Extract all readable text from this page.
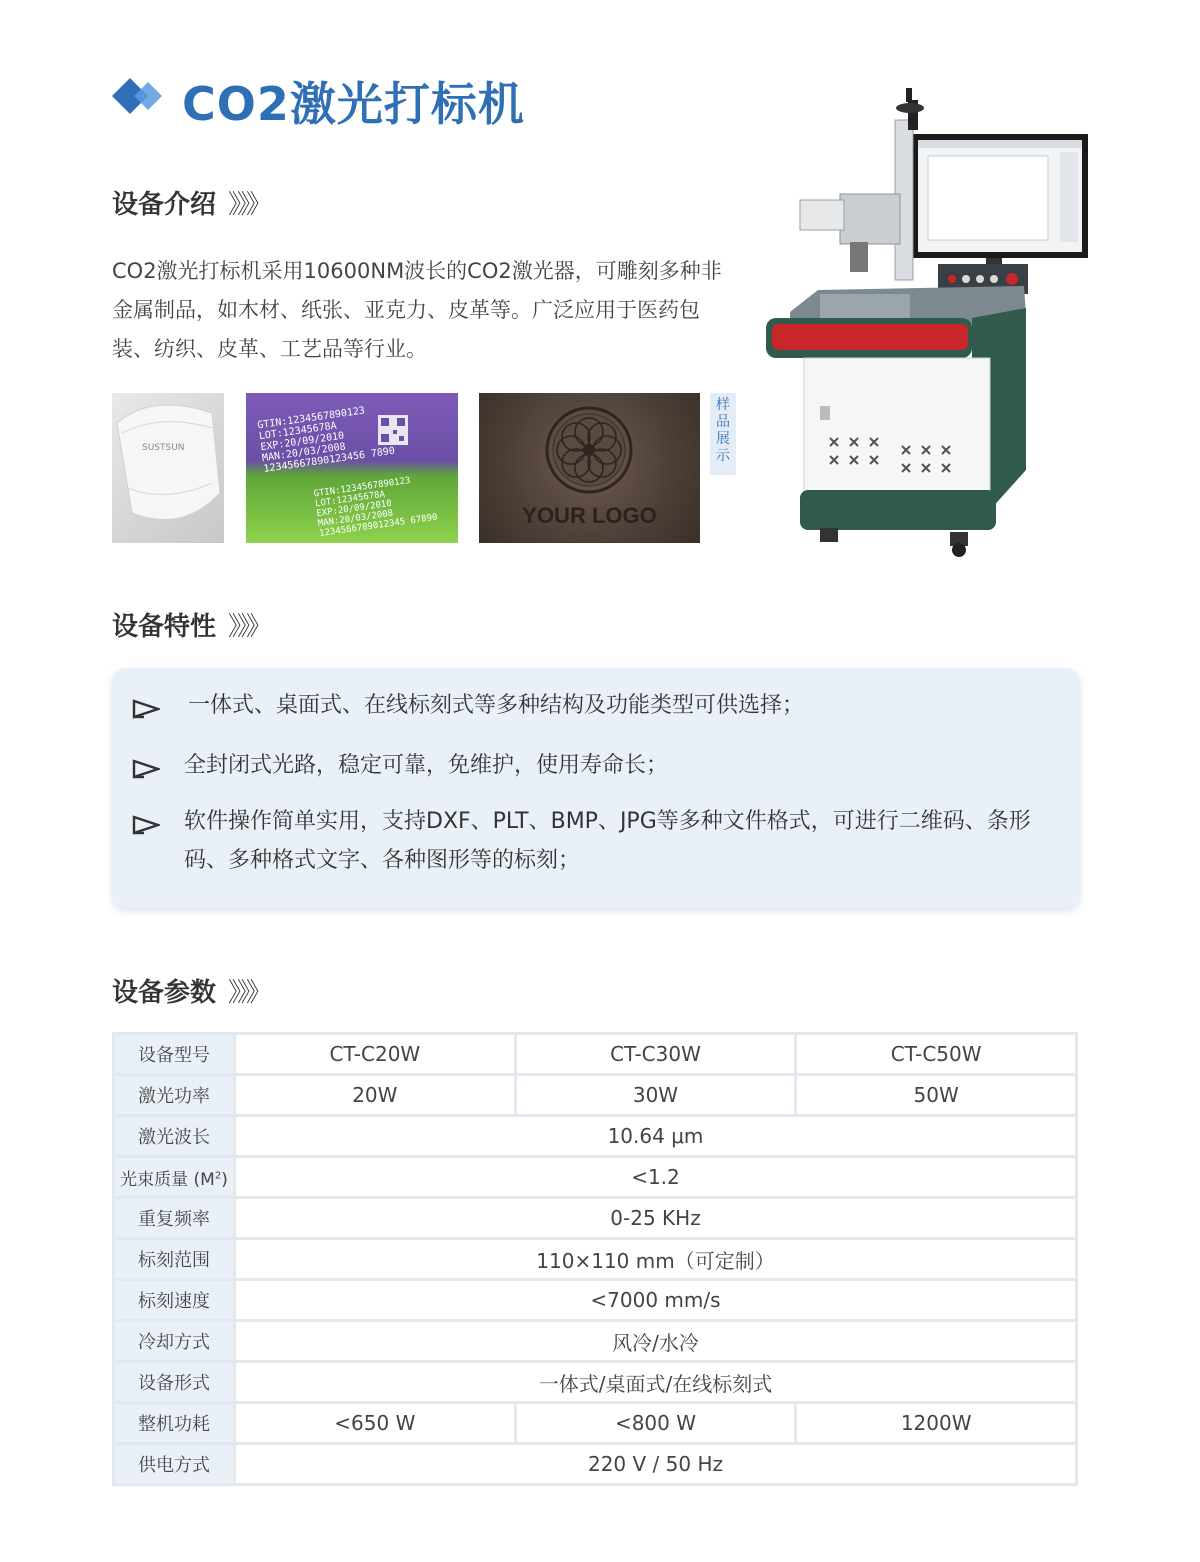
CO2激光打标机
设备介绍 》》》
CO2激光打标机采用10600NM波长的CO2激光器，可雕刻多种非金属制品，如木材、纸张、亚克力、皮革等。广泛应用于医药包装、纺织、皮革、工艺品等行业。
SUSTSUN
GTIN:1234567890123
LOT:12345678A
EXP:20/09/2010
MAN:20/03/2008
12345667890123456 7890
GTIN:1234567890123
LOT:12345678A
EXP:20/09/2010
MAN:20/03/2008
1234566789012345 67890	YOUR LOGO
样品展示
设备特性 》》》
一体式、桌面式、在线标刻式等多种结构及功能类型可供选择；
全封闭式光路，稳定可靠，免维护，使用寿命长；
软件操作简单实用，支持DXF、PLT、BMP、JPG等多种文件格式，可进行二维码、条形码、多种格式文字、各种图形等的标刻；
设备参数 》》》
设备型号	CT-C20W	CT-C30W	CT-C50W
激光功率	20W	30W	50W
激光波长	10.64 μm		
光束质量 $(M^2)$	<1.2		
重复频率	0-25 KHz		
标刻范围	110×110 mm（可定制）		
标刻速度	<7000 mm/s		
冷却方式	风冷/水冷		
设备形式	一体式/桌面式/在线标刻式		
整机功耗	<650 W	<800 W	1200W
供电方式	220 V / 50 Hz		
